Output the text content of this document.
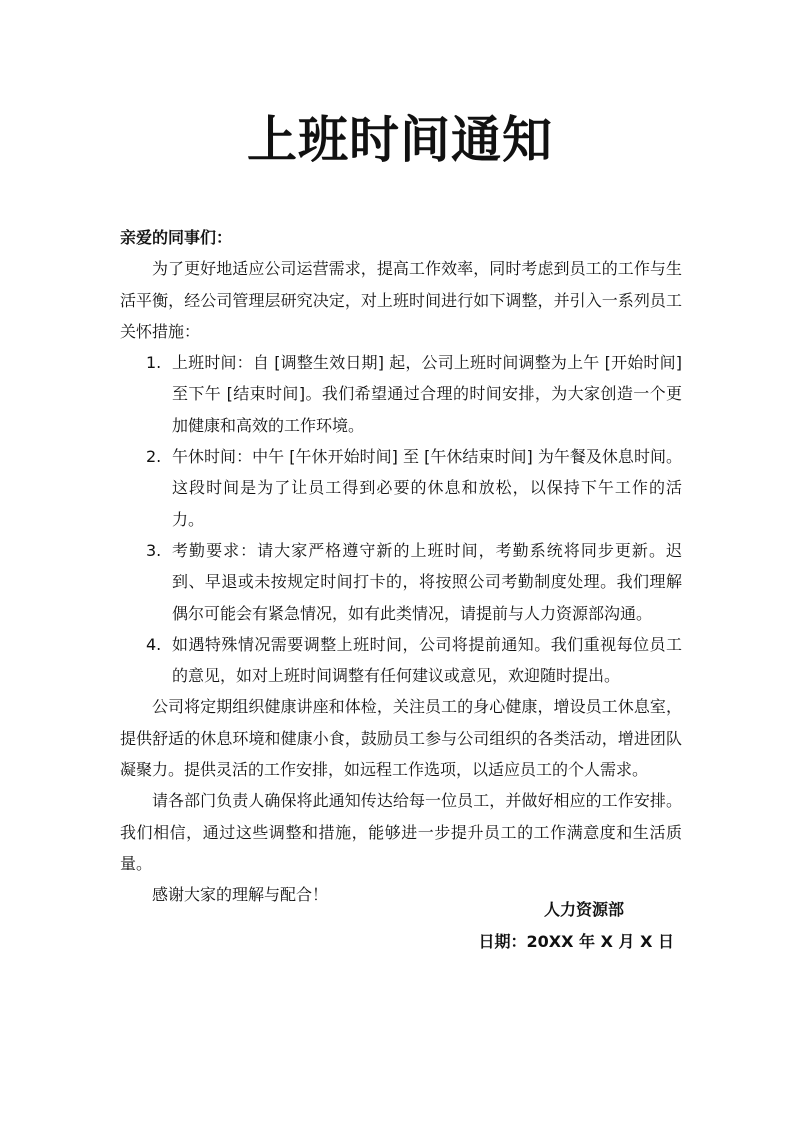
上班时间通知

亲爱的同事们：

为了更好地适应公司运营需求，提高工作效率，同时考虑到员工的工作与生活平衡，经公司管理层研究决定，对上班时间进行如下调整，并引入一系列员工关怀措施：

1. 上班时间：自 [调整生效日期] 起，公司上班时间调整为上午 [开始时间] 至下午 [结束时间]。我们希望通过合理的时间安排，为大家创造一个更加健康和高效的工作环境。
2. 午休时间：中午 [午休开始时间] 至 [午休结束时间] 为午餐及休息时间。这段时间是为了让员工得到必要的休息和放松，以保持下午工作的活力。
3. 考勤要求：请大家严格遵守新的上班时间，考勤系统将同步更新。迟到、早退或未按规定时间打卡的，将按照公司考勤制度处理。我们理解偶尔可能会有紧急情况，如有此类情况，请提前与人力资源部沟通。
4. 如遇特殊情况需要调整上班时间，公司将提前通知。我们重视每位员工的意见，如对上班时间调整有任何建议或意见，欢迎随时提出。

公司将定期组织健康讲座和体检，关注员工的身心健康，增设员工休息室，提供舒适的休息环境和健康小食，鼓励员工参与公司组织的各类活动，增进团队凝聚力。提供灵活的工作安排，如远程工作选项，以适应员工的个人需求。

请各部门负责人确保将此通知传达给每一位员工，并做好相应的工作安排。我们相信，通过这些调整和措施，能够进一步提升员工的工作满意度和生活质量。

感谢大家的理解与配合！

人力资源部
日期：20XX 年 X 月 X 日
